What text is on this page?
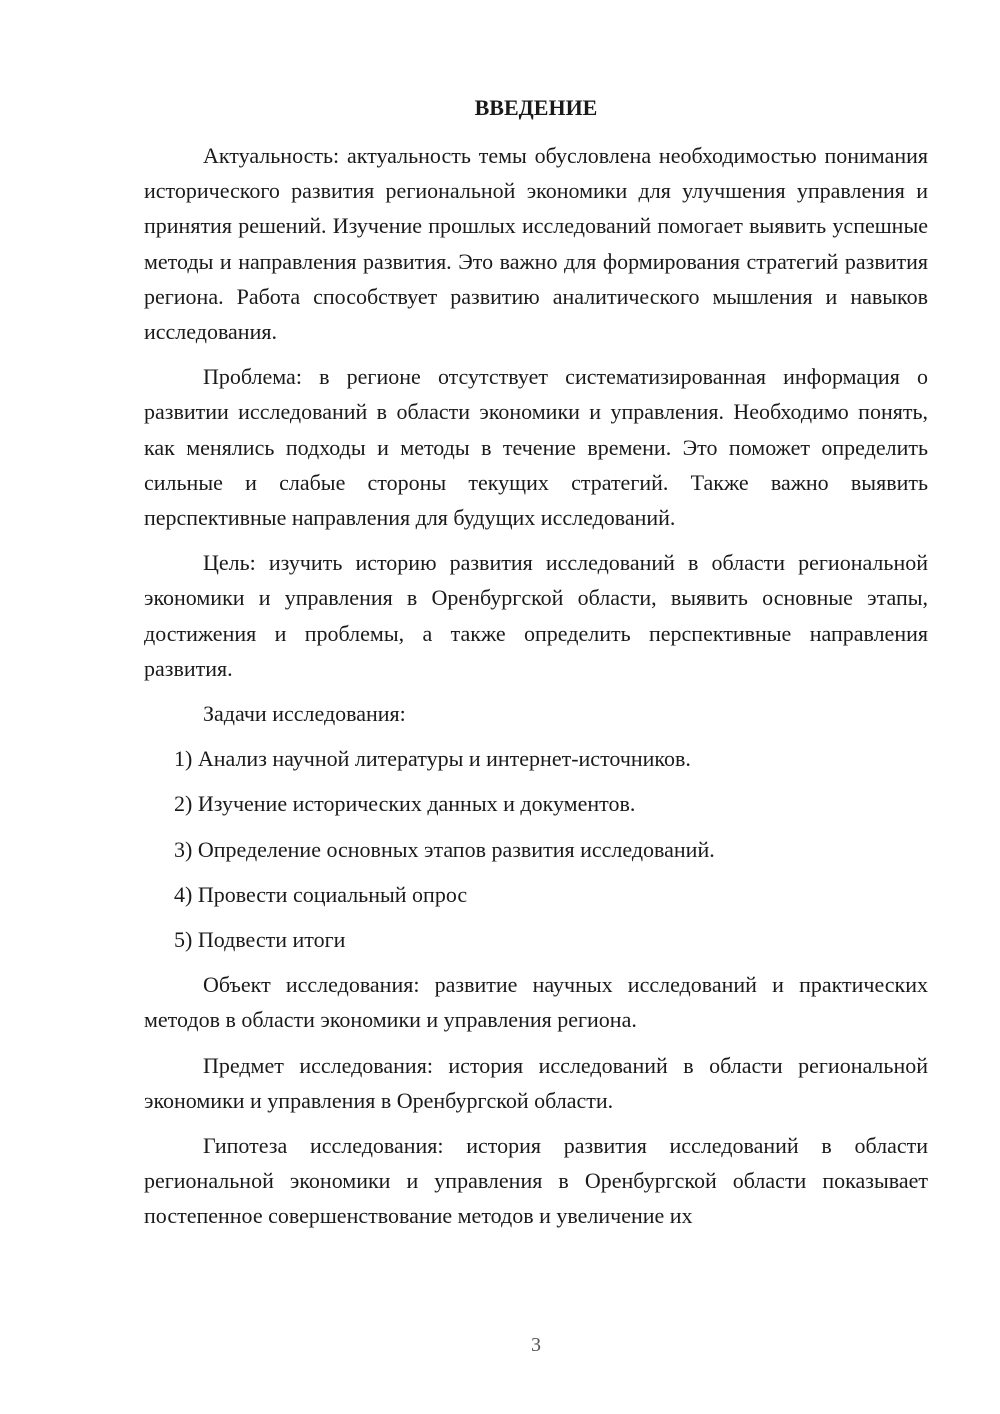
ВВЕДЕНИЕ

Актуальность: актуальность темы обусловлена необходимостью понимания исторического развития региональной экономики для улучшения управления и принятия решений. Изучение прошлых исследований помогает выявить успешные методы и направления развития. Это важно для формирования стратегий развития региона. Работа способствует развитию аналитического мышления и навыков исследования.

Проблема: в регионе отсутствует систематизированная информация о развитии исследований в области экономики и управления. Необходимо понять, как менялись подходы и методы в течение времени. Это поможет определить сильные и слабые стороны текущих стратегий. Также важно выявить перспективные направления для будущих исследований.

Цель: изучить историю развития исследований в области региональной экономики и управления в Оренбургской области, выявить основные этапы, достижения и проблемы, а также определить перспективные направления развития.

Задачи исследования:

1) Анализ научной литературы и интернет-источников.

2) Изучение исторических данных и документов.

3) Определение основных этапов развития исследований.

4) Провести социальный опрос

5) Подвести итоги

Объект исследования: развитие научных исследований и практических методов в области экономики и управления региона.

Предмет исследования: история исследований в области региональной экономики и управления в Оренбургской области.

Гипотеза исследования: история развития исследований в области региональной экономики и управления в Оренбургской области показывает постепенное совершенствование методов и увеличение их

3
